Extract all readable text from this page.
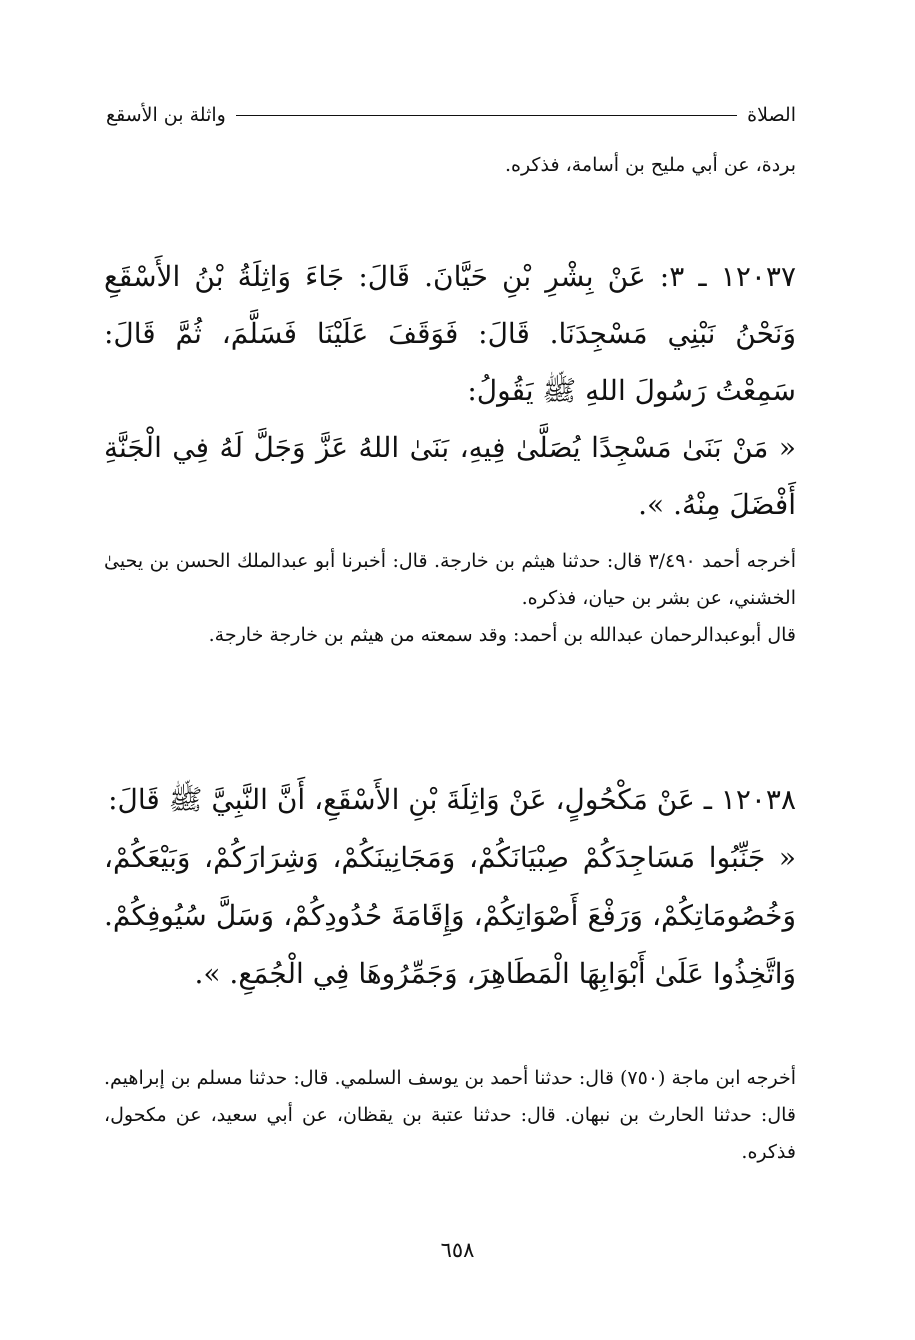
الصلاة
واثلة بن الأسقع

بردة، عن أبي مليح بن أسامة، فذكره.

١٢٠٣٧ ـ ٣: عَنْ بِشْرِ بْنِ حَيَّانَ. قَالَ: جَاءَ وَاثِلَةُ بْنُ الأَسْقَعِ وَنَحْنُ نَبْنِي مَسْجِدَنَا. قَالَ: فَوَقَفَ عَلَيْنَا فَسَلَّمَ، ثُمَّ قَالَ: سَمِعْتُ رَسُولَ اللهِ ﷺ يَقُولُ:

« مَنْ بَنَىٰ مَسْجِدًا يُصَلَّىٰ فِيهِ، بَنَىٰ اللهُ عَزَّ وَجَلَّ لَهُ فِي الْجَنَّةِ أَفْضَلَ مِنْهُ. ».

أخرجه أحمد ٣/٤٩٠ قال: حدثنا هيثم بن خارجة. قال: أخبرنا أبو عبدالملك الحسن بن يحيىٰ الخشني، عن بشر بن حيان، فذكره.

قال أبوعبدالرحمان عبدالله بن أحمد: وقد سمعته من هيثم بن خارجة خارجة.

١٢٠٣٨ ـ عَنْ مَكْحُولٍ، عَنْ وَاثِلَةَ بْنِ الأَسْقَعِ، أَنَّ النَّبِيَّ ﷺ قَالَ:

« جَنِّبُوا مَسَاجِدَكُمْ صِبْيَانَكُمْ، وَمَجَانِينَكُمْ، وَشِرَارَكُمْ، وَبَيْعَكُمْ، وَخُصُومَاتِكُمْ، وَرَفْعَ أَصْوَاتِكُمْ، وَإِقَامَةَ حُدُودِكُمْ، وَسَلَّ سُيُوفِكُمْ. وَاتَّخِذُوا عَلَىٰ أَبْوَابِهَا الْمَطَاهِرَ، وَجَمِّرُوهَا فِي الْجُمَعِ. ».

أخرجه ابن ماجة (٧٥٠) قال: حدثنا أحمد بن يوسف السلمي. قال: حدثنا مسلم بن إبراهيم. قال: حدثنا الحارث بن نبهان. قال: حدثنا عتبة بن يقظان، عن أبي سعيد، عن مكحول، فذكره.

٦٥٨
